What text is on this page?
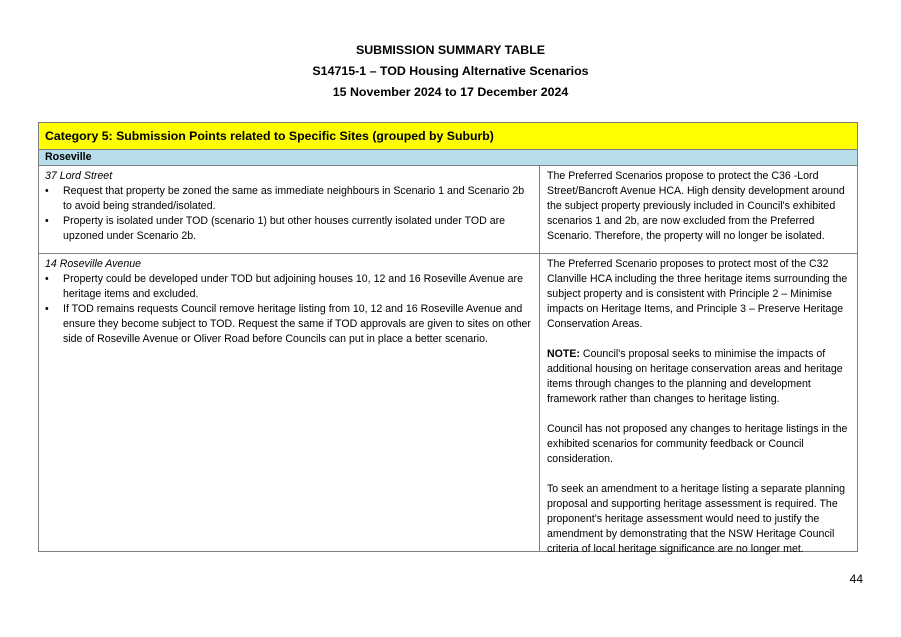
SUBMISSION SUMMARY TABLE
S14715-1 – TOD Housing Alternative Scenarios
15 November 2024 to 17 December 2024
Category 5: Submission Points related to Specific Sites (grouped by Suburb)
Roseville
37 Lord Street
• Request that property be zoned the same as immediate neighbours in Scenario 1 and Scenario 2b to avoid being stranded/isolated.
• Property is isolated under TOD (scenario 1) but other houses currently isolated under TOD are upzoned under Scenario 2b.

The Preferred Scenarios propose to protect the C36 -Lord Street/Bancroft Avenue HCA. High density development around the subject property previously included in Council's exhibited scenarios 1 and 2b, are now excluded from the Preferred Scenario. Therefore, the property will no longer be isolated.

14 Roseville Avenue
• Property could be developed under TOD but adjoining houses 10, 12 and 16 Roseville Avenue are heritage items and excluded.
• If TOD remains requests Council remove heritage listing from 10, 12 and 16 Roseville Avenue and ensure they become subject to TOD. Request the same if TOD approvals are given to sites on other side of Roseville Avenue or Oliver Road before Councils can put in place a better scenario.

The Preferred Scenario proposes to protect most of the C32 Clanville HCA including the three heritage items surrounding the subject property and is consistent with Principle 2 – Minimise impacts on Heritage Items, and Principle 3 – Preserve Heritage Conservation Areas.

NOTE: Council's proposal seeks to minimise the impacts of additional housing on heritage conservation areas and heritage items through changes to the planning and development framework rather than changes to heritage listing.

Council has not proposed any changes to heritage listings in the exhibited scenarios for community feedback or Council consideration.

To seek an amendment to a heritage listing a separate planning proposal and supporting heritage assessment is required. The proponent's heritage assessment would need to justify the amendment by demonstrating that the NSW Heritage Council criteria of local heritage significance are no longer met.

44
